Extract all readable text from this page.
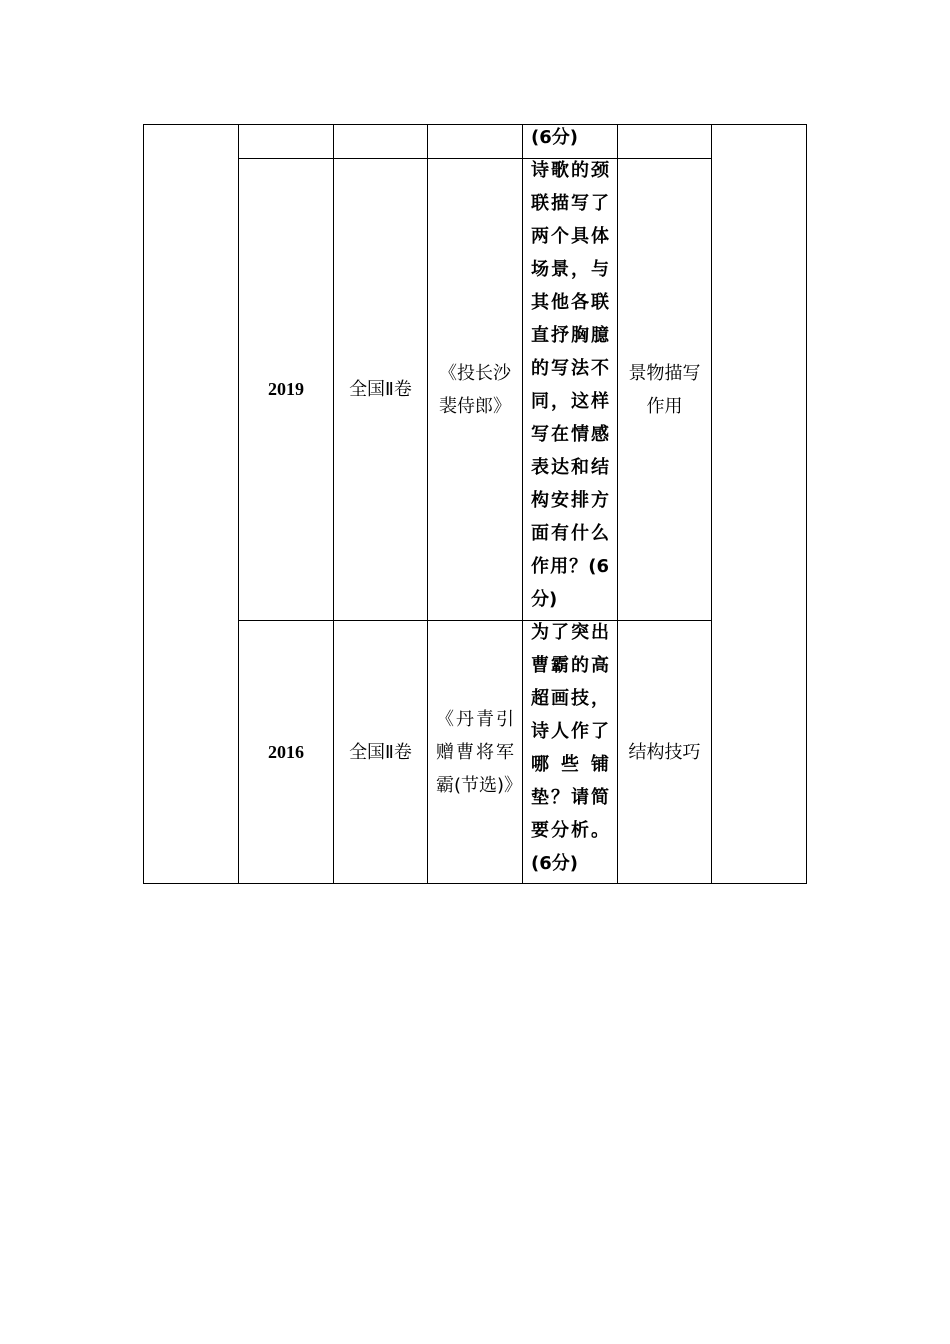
(6分)
2019	全国Ⅱ卷
《投长沙裴侍郎》
诗歌的颈联描写了两个具体场景，与其他各联直抒胸臆的写法不同，这样写在情感表达和结构安排方面有什么作用？(6分)
景物描写作用
2016	全国Ⅱ卷
《丹青引赠曹将军霸(节选)》
为了突出曹霸的高超画技，诗人作了哪些铺垫？请简要分析。(6分)
结构技巧
